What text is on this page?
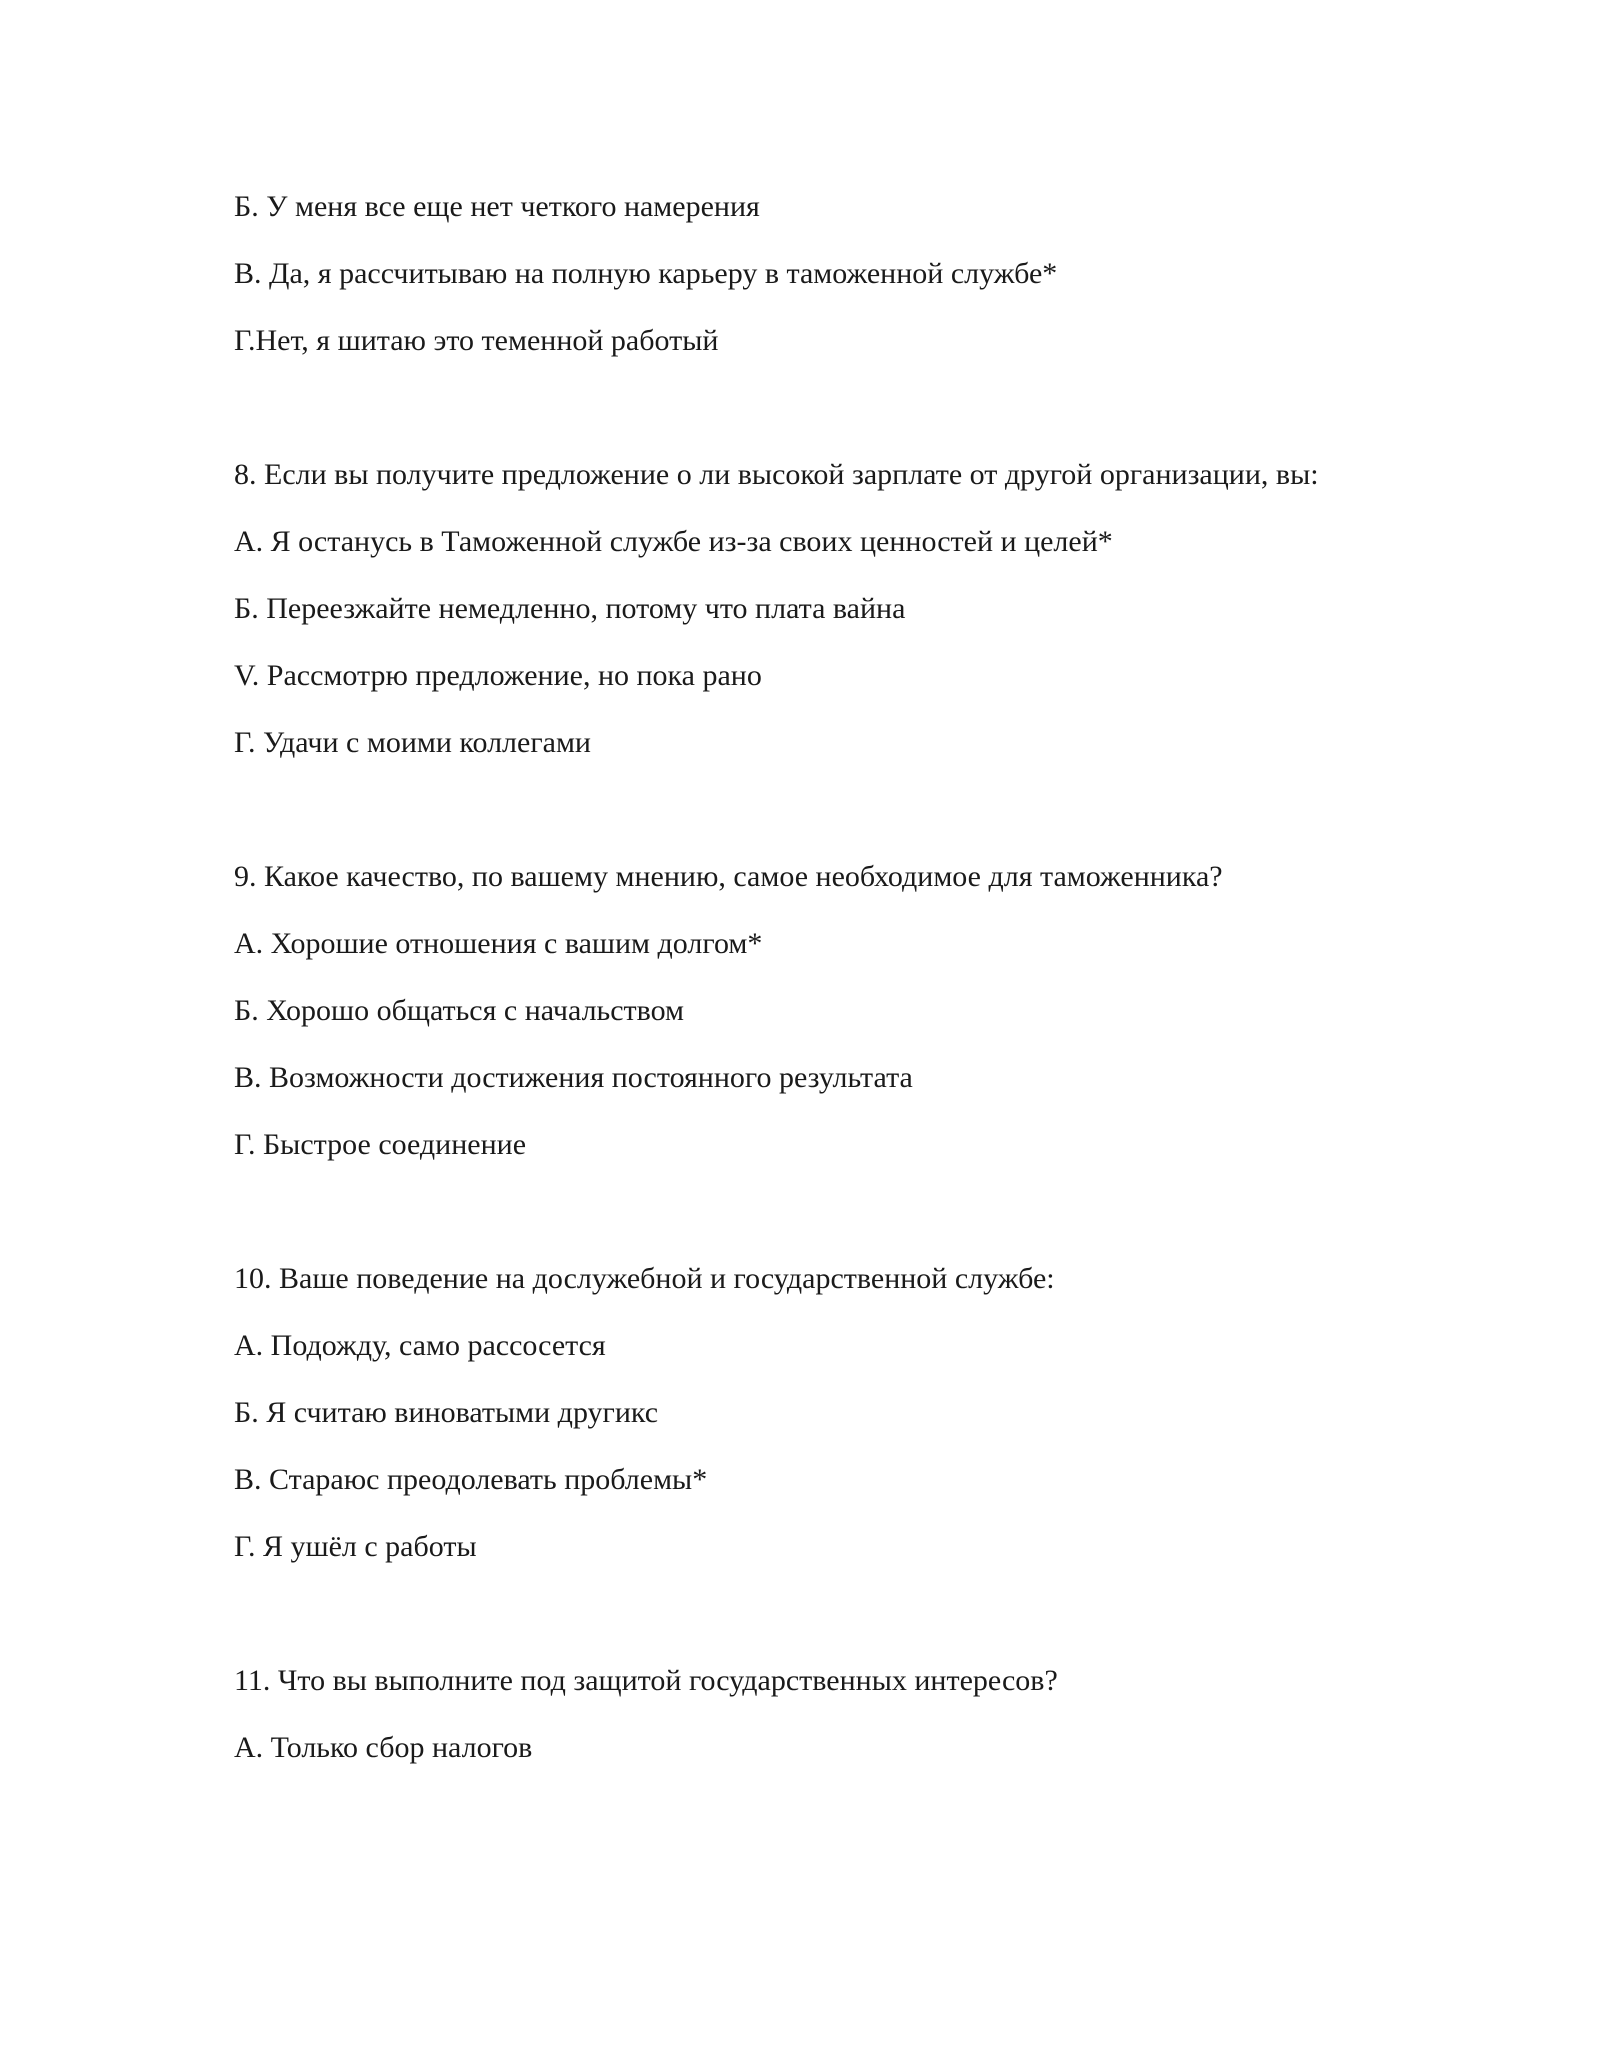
Б. У меня все еще нет четкого намерения

В. Да, я рассчитываю на полную карьеру в таможенной службе*

Г.Нет, я шитаю это теменной работый

8. Если вы получите предложение о ли высокой зарплате от другой организации, вы:

А. Я останусь в Таможенной службе из-за своих ценностей и целей*

Б. Переезжайте немедленно, потому что плата вайна

V. Рассмотрю предложение, но пока рано

Г. Удачи с моими коллегами

9. Какое качество, по вашему мнению, самое необходимое для таможенника?

А. Хорошие отношения с вашим долгом*

Б. Хорошо общаться с начальством

В. Возможности достижения постоянного результата

Г. Быстрое соединение

10. Ваше поведение на дослужебной и государственной службе:

А. Подожду, само рассосется

Б. Я считаю виноватыми другикс

В. Стараюс преодолевать проблемы*

Г. Я ушёл с работы

11. Что вы выполните под защитой государственных интересов?

А. Только сбор налогов
